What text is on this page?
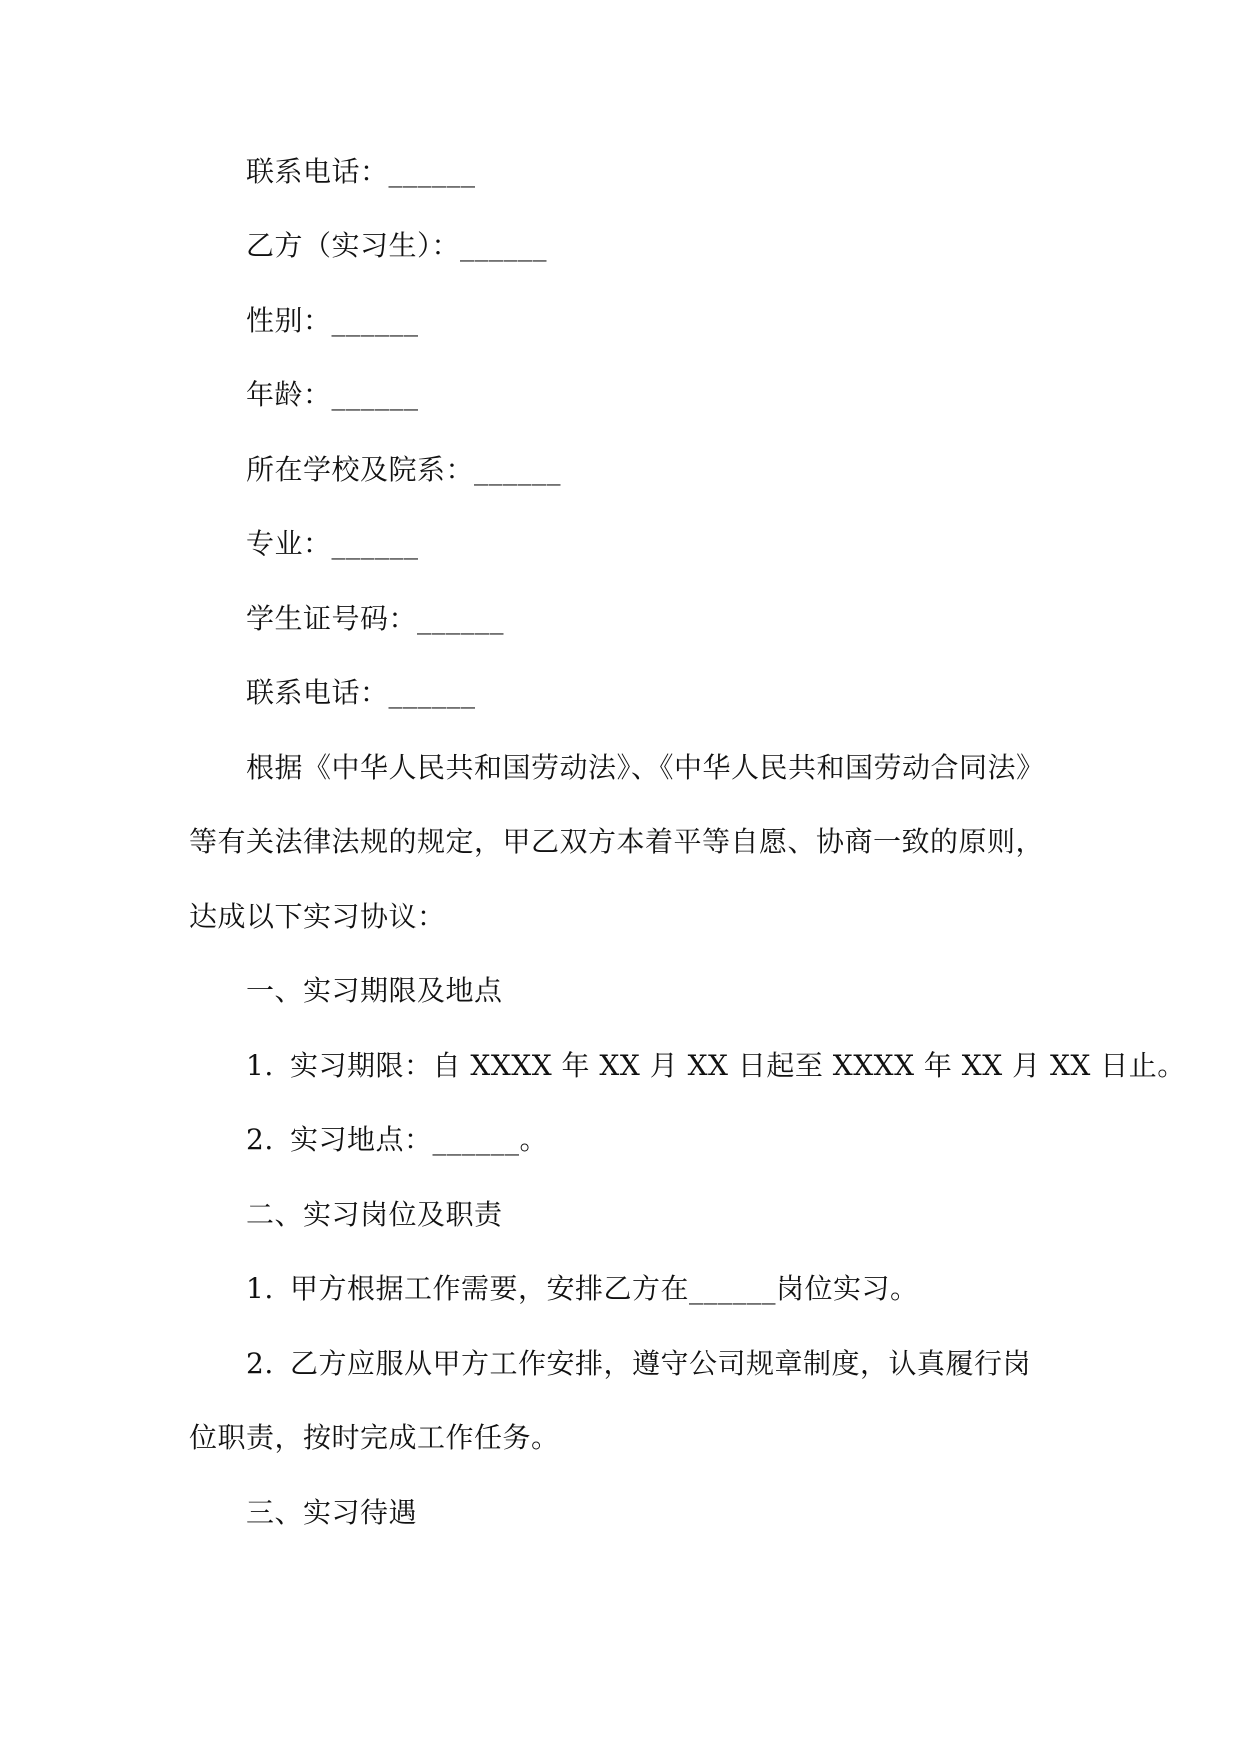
联系电话：______
乙方（实习生）：______
性别：______
年龄：______
所在学校及院系：______
专业：______
学生证号码：______
联系电话：______
根据《中华人民共和国劳动法》、《中华人民共和国劳动合同法》
等有关法律法规的规定，甲乙双方本着平等自愿、协商一致的原则，
达成以下实习协议：
一、实习期限及地点
1. 实习期限：自 XXXX 年 XX 月 XX 日起至 XXXX 年 XX 月 XX 日止。
2. 实习地点：______。
二、实习岗位及职责
1. 甲方根据工作需要，安排乙方在______岗位实习。
2. 乙方应服从甲方工作安排，遵守公司规章制度，认真履行岗
位职责，按时完成工作任务。
三、实习待遇
